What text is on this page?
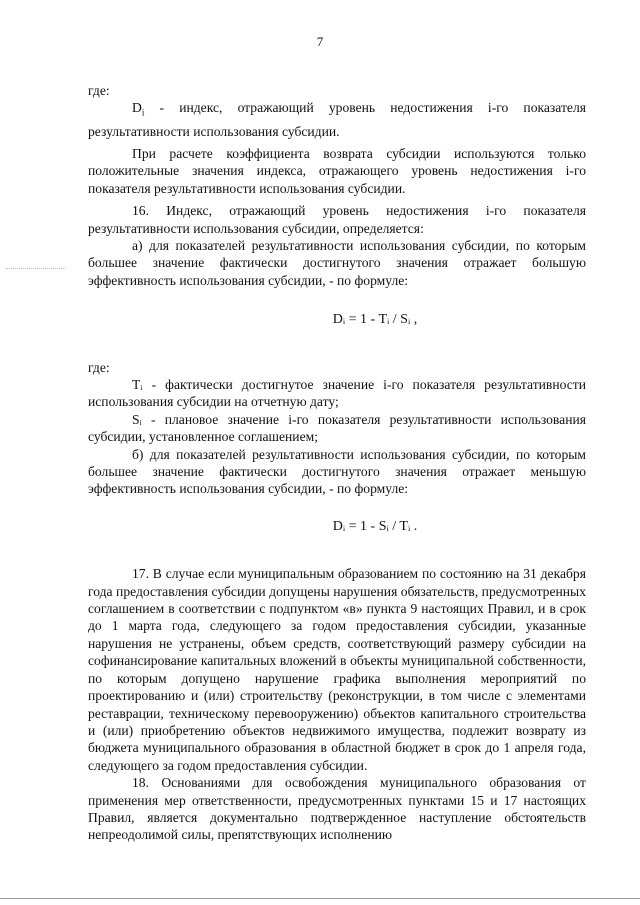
7

где:

$D_i$ - индекс, отражающий уровень недостижения i-го показателя результативности использования субсидии.

При расчете коэффициента возврата субсидии используются только положительные значения индекса, отражающего уровень недостижения i-го показателя результативности использования субсидии.

16. Индекс, отражающий уровень недостижения i-го показателя результативности использования субсидии, определяется:

а) для показателей результативности использования субсидии, по которым большее значение фактически достигнутого значения отражает большую эффективность использования субсидии, - по формуле:

Dᵢ = 1 - Tᵢ / Sᵢ ,

где:

Tᵢ - фактически достигнутое значение i-го показателя результативности использования субсидии на отчетную дату;

Sᵢ - плановое значение i-го показателя результативности использования субсидии, установленное соглашением;

б) для показателей результативности использования субсидии, по которым большее значение фактически достигнутого значения отражает меньшую эффективность использования субсидии, - по формуле:

Dᵢ = 1 - Sᵢ / Tᵢ .

17. В случае если муниципальным образованием по состоянию на 31 декабря года предоставления субсидии допущены нарушения обязательств, предусмотренных соглашением в соответствии с подпунктом «в» пункта 9 настоящих Правил, и в срок до 1 марта года, следующего за годом предоставления субсидии, указанные нарушения не устранены, объем средств, соответствующий размеру субсидии на софинансирование капитальных вложений в объекты муниципальной собственности, по которым допущено нарушение графика выполнения мероприятий по проектированию и (или) строительству (реконструкции, в том числе с элементами реставрации, техническому перевооружению) объектов капитального строительства и (или) приобретению объектов недвижимого имущества, подлежит возврату из бюджета муниципального образования в областной бюджет в срок до 1 апреля года, следующего за годом предоставления субсидии.

18. Основаниями для освобождения муниципального образования от применения мер ответственности, предусмотренных пунктами 15 и 17 настоящих Правил, является документально подтвержденное наступление обстоятельств непреодолимой силы, препятствующих исполнению
